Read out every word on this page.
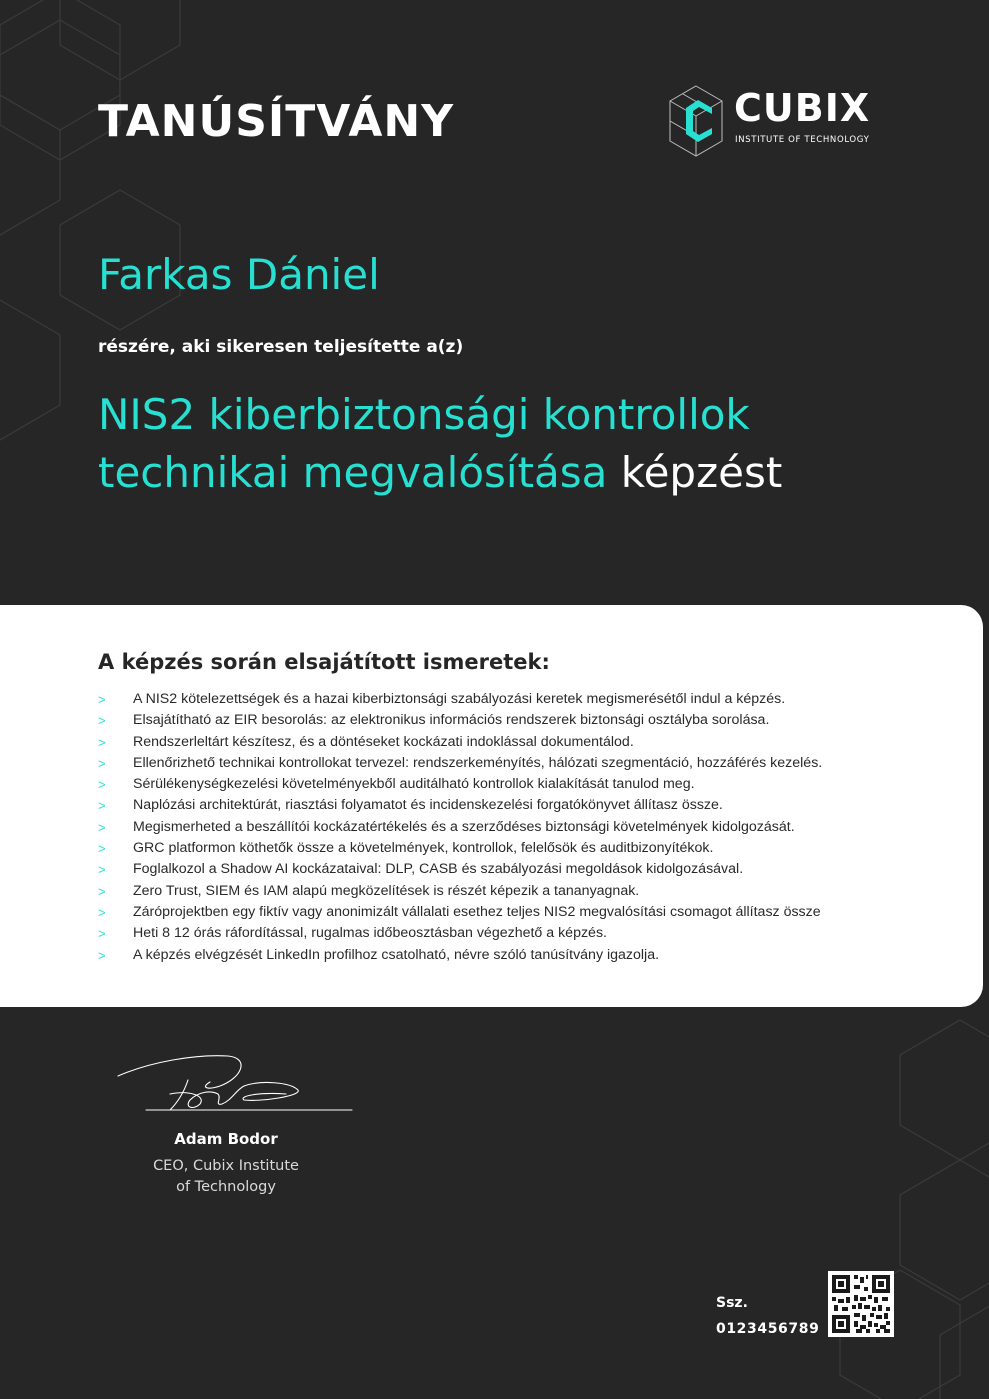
TANÚSÍTVÁNY	CUBIX
INSTITUTE OF TECHNOLOGY
Farkas Dániel
részére, aki sikeresen teljesítette a(z)
NIS2 kiberbiztonsági kontrollok technikai megvalósítása képzést
A képzés során elsajátított ismeretek:
> A NIS2 kötelezettségek és a hazai kiberbiztonsági szabályozási keretek megismerésétől indul a képzés.
> Elsajátítható az EIR besorolás: az elektronikus információs rendszerek biztonsági osztályba sorolása.
> Rendszerleltárt készítesz, és a döntéseket kockázati indoklással dokumentálod.
> Ellenőrizhető technikai kontrollokat tervezel: rendszerkeményítés, hálózati szegmentáció, hozzáférés kezelés.
> Sérülékenységkezelési követelményekből auditálható kontrollok kialakítását tanulod meg.
> Naplózási architektúrát, riasztási folyamatot és incidenskezelési forgatókönyvet állítasz össze.
> Megismerheted a beszállítói kockázatértékelés és a szerződéses biztonsági követelmények kidolgozását.
> GRC platformon köthetők össze a követelmények, kontrollok, felelősök és auditbizonyítékok.
> Foglalkozol a Shadow AI kockázataival: DLP, CASB és szabályozási megoldások kidolgozásával.
> Zero Trust, SIEM és IAM alapú megközelítések is részét képezik a tananyagnak.
> Záróprojektben egy fiktív vagy anonimizált vállalati esethez teljes NIS2 megvalósítási csomagot állítasz össze
> Heti 8 12 órás ráfordítással, rugalmas időbeosztásban végezhető a képzés.
> A képzés elvégzését LinkedIn profilhoz csatolható, névre szóló tanúsítvány igazolja.
Adam Bodor
CEO, Cubix Institute
of Technology
Ssz.
0123456789
